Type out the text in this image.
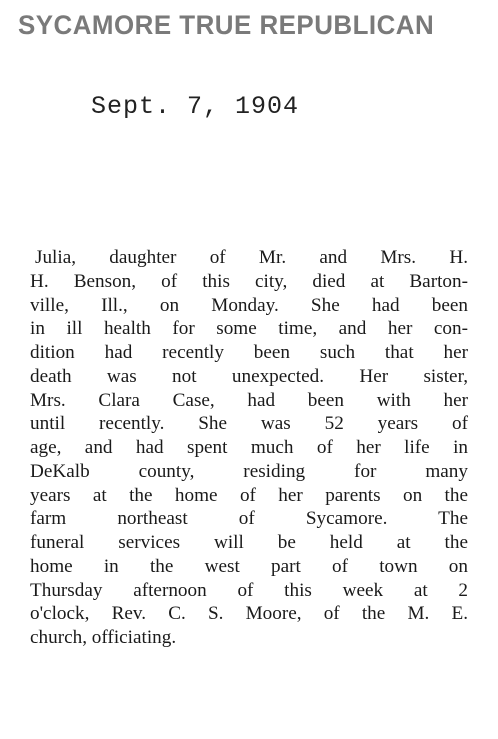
SYCAMORE TRUE REPUBLICAN
Sept. 7, 1904
Julia, daughter of Mr. and Mrs. H.
H. Benson, of this city, died at Barton-
ville, Ill., on Monday. She had been
in ill health for some time, and her con-
dition had recently been such that her
death was not unexpected. Her sister,
Mrs. Clara Case, had been with her
until recently. She was 52 years of
age, and had spent much of her life in
DeKalb county, residing for many
years at the home of her parents on the
farm northeast of Sycamore. The
funeral services will be held at the
home in the west part of town on
Thursday afternoon of this week at 2
o'clock, Rev. C. S. Moore, of the M. E.
church, officiating.
